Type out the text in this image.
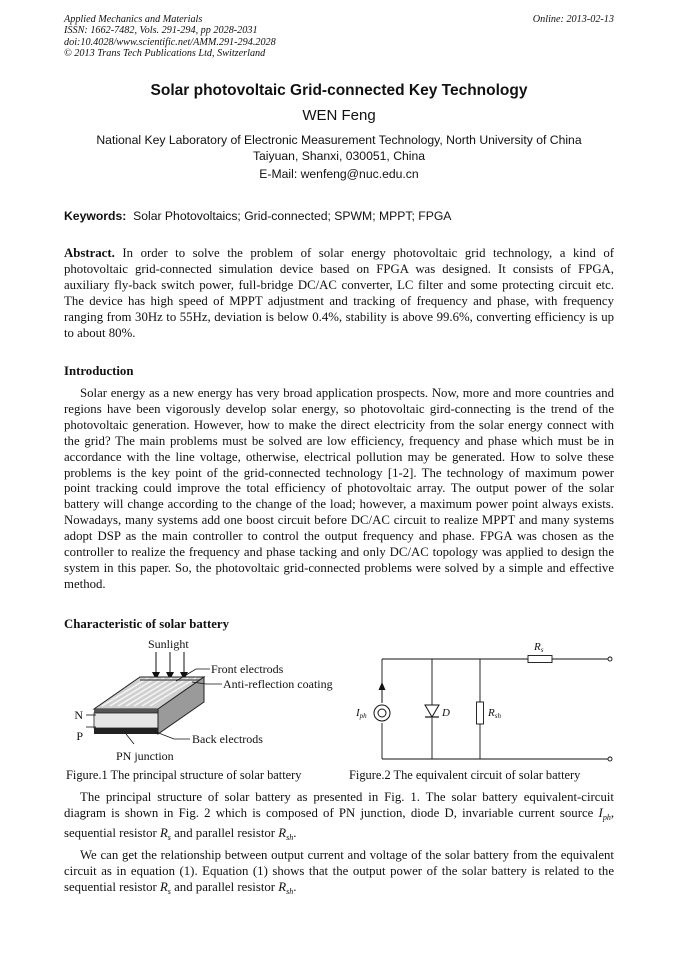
Applied Mechanics and Materials
ISSN: 1662-7482, Vols. 291-294, pp 2028-2031
doi:10.4028/www.scientific.net/AMM.291-294.2028
© 2013 Trans Tech Publications Ltd, Switzerland
Online: 2013-02-13
Solar photovoltaic Grid-connected Key Technology
WEN Feng
National Key Laboratory of Electronic Measurement Technology, North University of China
Taiyuan, Shanxi, 030051, China
E-Mail: wenfeng@nuc.edu.cn
Keywords: Solar Photovoltaics; Grid-connected; SPWM; MPPT; FPGA

Abstract. In order to solve the problem of solar energy photovoltaic grid technology, a kind of photovoltaic grid-connected simulation device based on FPGA was designed. It consists of FPGA, auxiliary fly-back switch power, full-bridge DC/AC converter, LC filter and some protecting circuit etc. The device has high speed of MPPT adjustment and tracking of frequency and phase, with frequency ranging from 30Hz to 55Hz, deviation is below 0.4%, stability is above 99.6%, converting efficiency is up to about 80%.

Introduction

Solar energy as a new energy has very broad application prospects. Now, more and more countries and regions have been vigorously develop solar energy, so photovoltaic gird-connecting is the trend of the photovoltaic generation. However, how to make the direct electricity from the solar energy connect with the grid? The main problems must be solved are low efficiency, frequency and phase which must be in accordance with the line voltage, otherwise, electrical pollution may be generated. How to solve these problems is the key point of the grid-connected technology [1-2]. The technology of maximum power point tracking could improve the total efficiency of photovoltaic array. The output power of the solar battery will change according to the change of the load; however, a maximum power point always exists. Nowadays, many systems add one boost circuit before DC/AC circuit to realize MPPT and many systems adopt DSP as the main controller to control the output frequency and phase. FPGA was chosen as the controller to realize the frequency and phase tacking and only DC/AC topology was applied to design the system in this paper. So, the photovoltaic grid-connected problems were solved by a simple and effective method.

Characteristic of solar battery
Sunlight
Front electrods
Anti-reflection coating
N
P	Back electrods
PN junction
Rs
Iph	D	Rsh
Figure.1 The principal structure of solar battery	Figure.2 The equivalent circuit of solar battery

The principal structure of solar battery as presented in Fig. 1. The solar battery equivalent-circuit diagram is shown in Fig. 2 which is composed of PN junction, diode D, invariable current source $I_{ph}$, sequential resistor $R_s$ and parallel resistor $R_{sh}$.

We can get the relationship between output current and voltage of the solar battery from the equivalent circuit as in equation (1). Equation (1) shows that the output power of the solar battery is related to the sequential resistor $R_s$ and parallel resistor $R_{sh}$.
